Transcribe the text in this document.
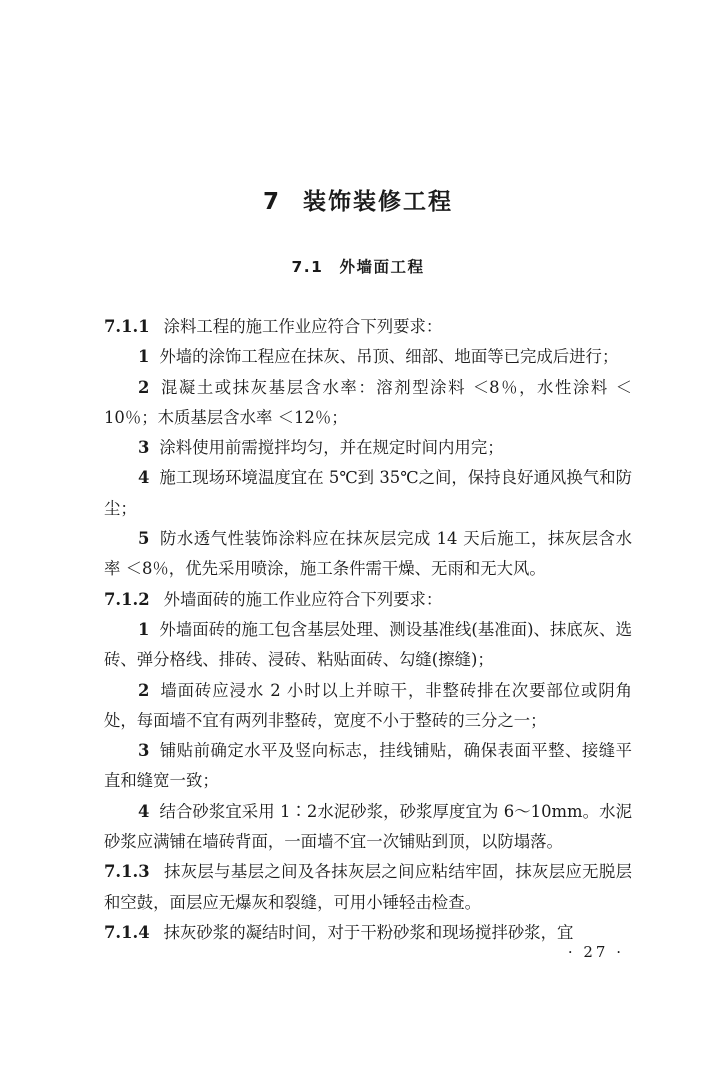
7 装饰装修工程
7.1 外墙面工程

7.1.1 涂料工程的施工作业应符合下列要求：

1 外墙的涂饰工程应在抹灰、吊顶、细部、地面等已完成后进行；

2 混凝土或抹灰基层含水率：溶剂型涂料 ＜8％，水性涂料 ＜10％；木质基层含水率 ＜12％；

3 涂料使用前需搅拌均匀，并在规定时间内用完；

4 施工现场环境温度宜在 5℃到 35℃之间，保持良好通风换气和防尘；

5 防水透气性装饰涂料应在抹灰层完成 14 天后施工，抹灰层含水率 ＜8％，优先采用喷涂，施工条件需干燥、无雨和无大风。

7.1.2 外墙面砖的施工作业应符合下列要求：

1 外墙面砖的施工包含基层处理、测设基准线(基准面)、抹底灰、选砖、弹分格线、排砖、浸砖、粘贴面砖、勾缝(擦缝)；

2 墙面砖应浸水 2 小时以上并晾干，非整砖排在次要部位或阴角处，每面墙不宜有两列非整砖，宽度不小于整砖的三分之一；

3 铺贴前确定水平及竖向标志，挂线铺贴，确保表面平整、接缝平直和缝宽一致；

4 结合砂浆宜采用 1∶2水泥砂浆，砂浆厚度宜为 6～10mm。水泥砂浆应满铺在墙砖背面，一面墙不宜一次铺贴到顶，以防塌落。

7.1.3 抹灰层与基层之间及各抹灰层之间应粘结牢固，抹灰层应无脱层和空鼓，面层应无爆灰和裂缝，可用小锤轻击检查。

7.1.4 抹灰砂浆的凝结时间，对于干粉砂浆和现场搅拌砂浆，宜

· 27 ·
